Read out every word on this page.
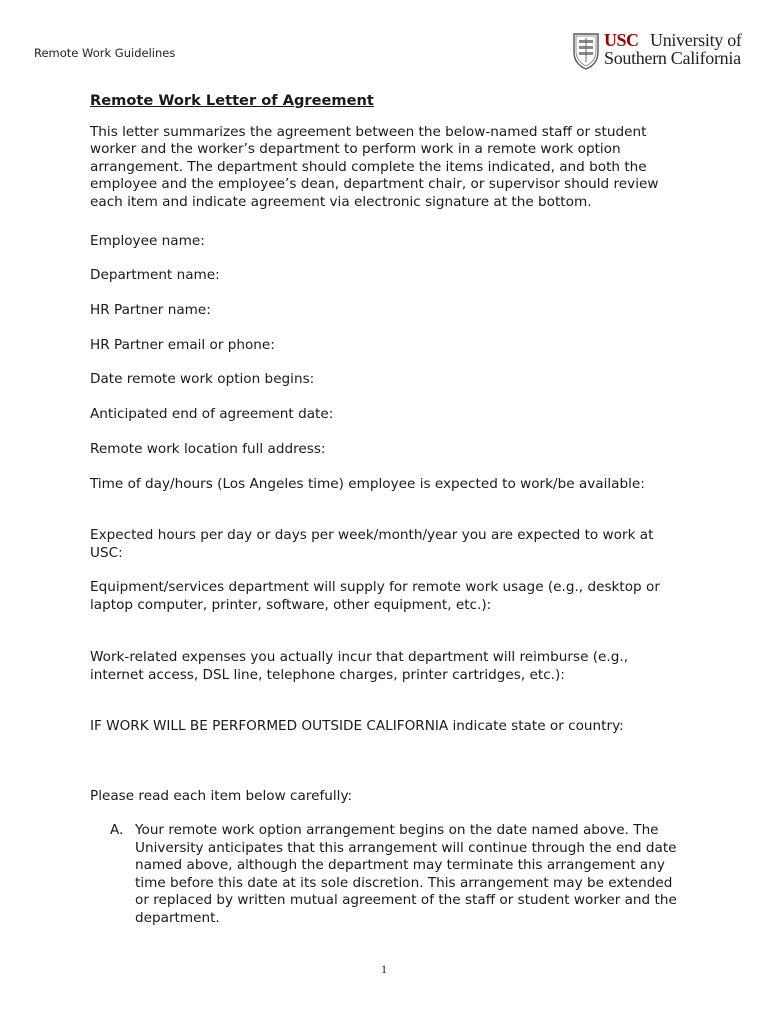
Remote Work Guidelines
USC University of
Southern California
Remote Work Letter of Agreement

This letter summarizes the agreement between the below-named staff or student worker and the worker’s department to perform work in a remote work option arrangement. The department should complete the items indicated, and both the employee and the employee’s dean, department chair, or supervisor should review each item and indicate agreement via electronic signature at the bottom.

Employee name:

Department name:

HR Partner name:

HR Partner email or phone:

Date remote work option begins:

Anticipated end of agreement date:

Remote work location full address:

Time of day/hours (Los Angeles time) employee is expected to work/be available:

Expected hours per day or days per week/month/year you are expected to work at USC:

Equipment/services department will supply for remote work usage (e.g., desktop or laptop computer, printer, software, other equipment, etc.):

Work-related expenses you actually incur that department will reimburse (e.g., internet access, DSL line, telephone charges, printer cartridges, etc.):

IF WORK WILL BE PERFORMED OUTSIDE CALIFORNIA indicate state or country:

Please read each item below carefully:

A. Your remote work option arrangement begins on the date named above. The University anticipates that this arrangement will continue through the end date named above, although the department may terminate this arrangement any time before this date at its sole discretion. This arrangement may be extended or replaced by written mutual agreement of the staff or student worker and the department.
1
